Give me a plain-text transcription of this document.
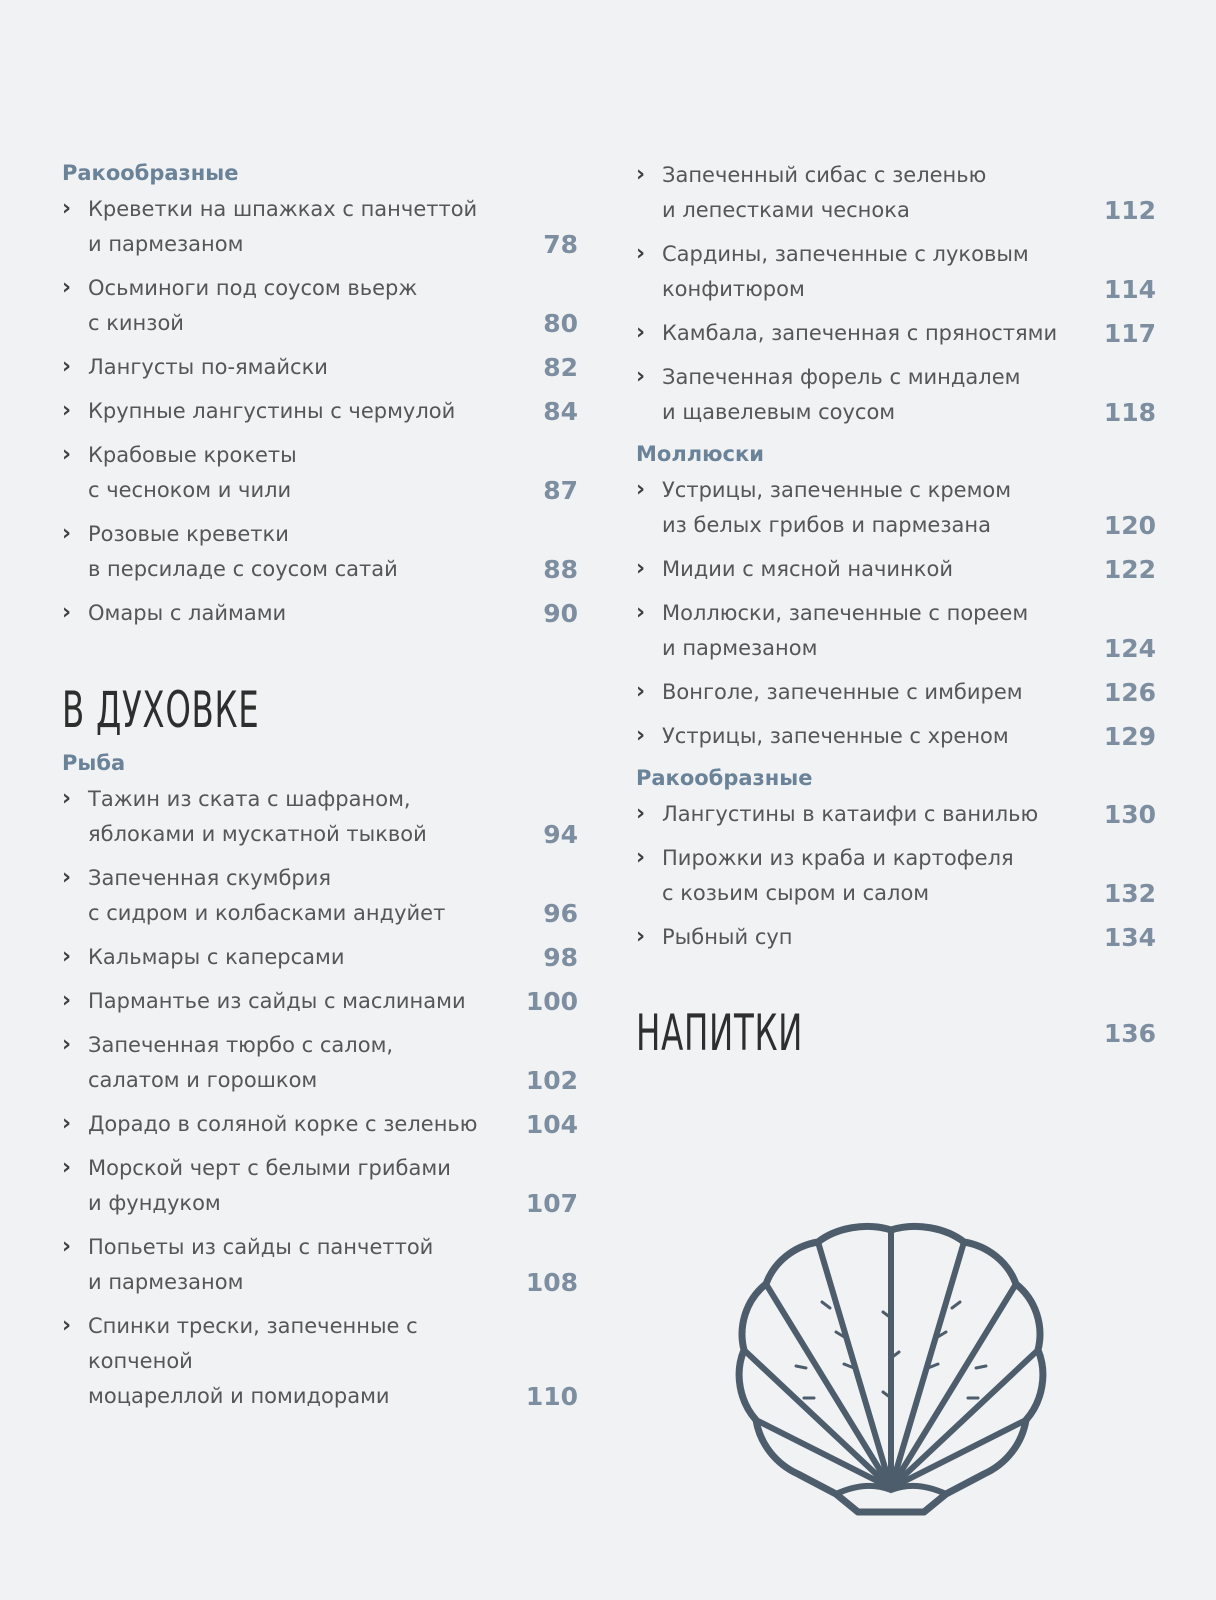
Ракообразные
› Креветки на шпажках с панчеттой
и пармезаном	78
› Осьминоги под соусом вьерж
с кинзой	80
› Лангусты по-ямайски	82
› Крупные лангустины с чермулой	84
› Крабовые крокеты
с чесноком и чили	87
› Розовые креветки
в персиладе с соусом сатай	88
› Омары с лаймами	90
В ДУХОВКЕ
Рыба
› Тажин из ската с шафраном,
яблоками и мускатной тыквой	94
› Запеченная скумбрия
с сидром и колбасками андуйет	96
› Кальмары с каперсами	98
› Пармантье из сайды с маслинами	100
› Запеченная тюрбо с салом,
салатом и горошком	102
› Дорадо в соляной корке с зеленью	104
› Морской черт с белыми грибами
и фундуком	107
› Попьеты из сайды с панчеттой
и пармезаном	108
› Спинки трески, запеченные с копченой
моцареллой и помидорами	110
› Запеченный сибас с зеленью
и лепестками чеснока	112
› Сардины, запеченные с луковым
конфитюром	114
› Камбала, запеченная с пряностями	117
› Запеченная форель с миндалем
и щавелевым соусом	118
Моллюски
› Устрицы, запеченные с кремом
из белых грибов и пармезана	120
› Мидии с мясной начинкой	122
› Моллюски, запеченные с пореем
и пармезаном	124
› Вонголе, запеченные с имбирем	126
› Устрицы, запеченные с хреном	129
Ракообразные
› Лангустины в катаифи с ванилью	130
› Пирожки из краба и картофеля
с козьим сыром и салом	132
› Рыбный суп	134
НАПИТКИ	136
